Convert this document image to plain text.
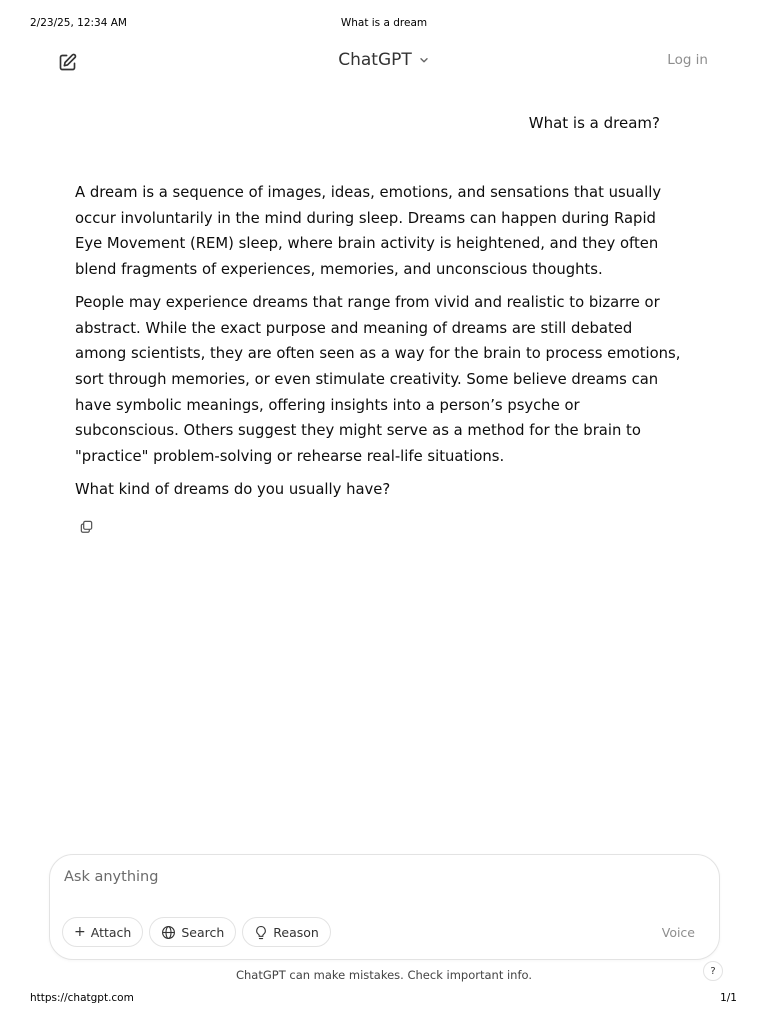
2/23/25, 12:34 AM	What is a dream
ChatGPT	Log in
What is a dream?

A dream is a sequence of images, ideas, emotions, and sensations that usually occur involuntarily in the mind during sleep. Dreams can happen during Rapid Eye Movement (REM) sleep, where brain activity is heightened, and they often blend fragments of experiences, memories, and unconscious thoughts.

People may experience dreams that range from vivid and realistic to bizarre or abstract. While the exact purpose and meaning of dreams are still debated among scientists, they are often seen as a way for the brain to process emotions, sort through memories, or even stimulate creativity. Some believe dreams can have symbolic meanings, offering insights into a person’s psyche or subconscious. Others suggest they might serve as a method for the brain to "practice" problem-solving or rehearse real-life situations.

What kind of dreams do you usually have?

Ask anything
+ Attach	Search	Reason	Voice
ChatGPT can make mistakes. Check important info.	?
https://chatgpt.com	1/1
